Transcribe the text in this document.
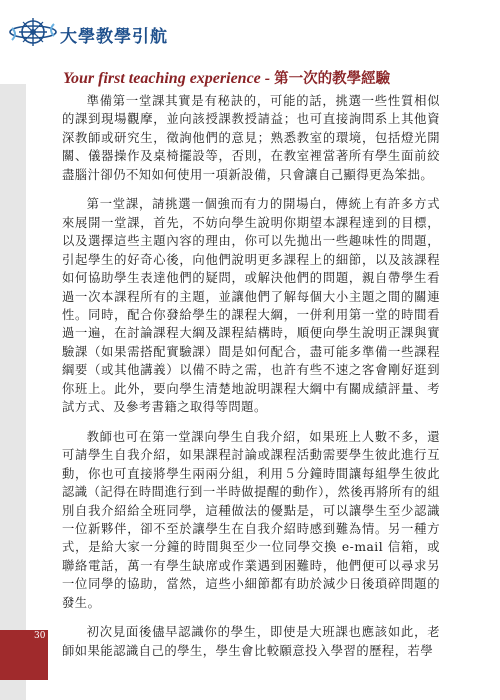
大學教學引航
Your first teaching experience - 第一次的教學經驗

準備第一堂課其實是有秘訣的，可能的話，挑選一些性質相似的課到現場觀摩，並向該授課教授請益；也可直接詢問系上其他資深教師或研究生，徵詢他們的意見；熟悉教室的環境，包括燈光開關、儀器操作及桌椅擺設等，否則，在教室裡當著所有學生面前絞盡腦汁卻仍不知如何使用一項新設備，只會讓自己顯得更為笨拙。

第一堂課，請挑選一個強而有力的開場白，傳統上有許多方式來展開一堂課，首先，不妨向學生說明你期望本課程達到的目標，以及選擇這些主題內容的理由，你可以先拋出一些趣味性的問題，引起學生的好奇心後，向他們說明更多課程上的細節，以及該課程如何協助學生表達他們的疑問，或解決他們的問題，親自帶學生看過一次本課程所有的主題，並讓他們了解每個大小主題之間的關連性。同時，配合你發給學生的課程大綱，一併利用第一堂的時間看過一遍，在討論課程大綱及課程結構時，順便向學生說明正課與實驗課（如果需搭配實驗課）間是如何配合，盡可能多準備一些課程綱要（或其他講義）以備不時之需，也許有些不速之客會剛好逛到你班上。此外，要向學生清楚地說明課程大綱中有關成績評量、考試方式、及參考書籍之取得等問題。

教師也可在第一堂課向學生自我介紹，如果班上人數不多，還可請學生自我介紹，如果課程討論或課程活動需要學生彼此進行互動，你也可直接將學生兩兩分組，利用５分鐘時間讓每組學生彼此認識（記得在時間進行到一半時做提醒的動作），然後再將所有的組別自我介紹給全班同學，這種做法的優點是，可以讓學生至少認識一位新夥伴，卻不至於讓學生在自我介紹時感到難為情。另一種方式，是給大家一分鐘的時間與至少一位同學交換 e-mail 信箱，或聯絡電話，萬一有學生缺席或作業遇到困難時，他們便可以尋求另一位同學的協助，當然，這些小細節都有助於減少日後瑣碎問題的發生。

初次見面後儘早認識你的學生，即使是大班課也應該如此，老師如果能認識自己的學生，學生會比較願意投入學習的歷程，若學

30
